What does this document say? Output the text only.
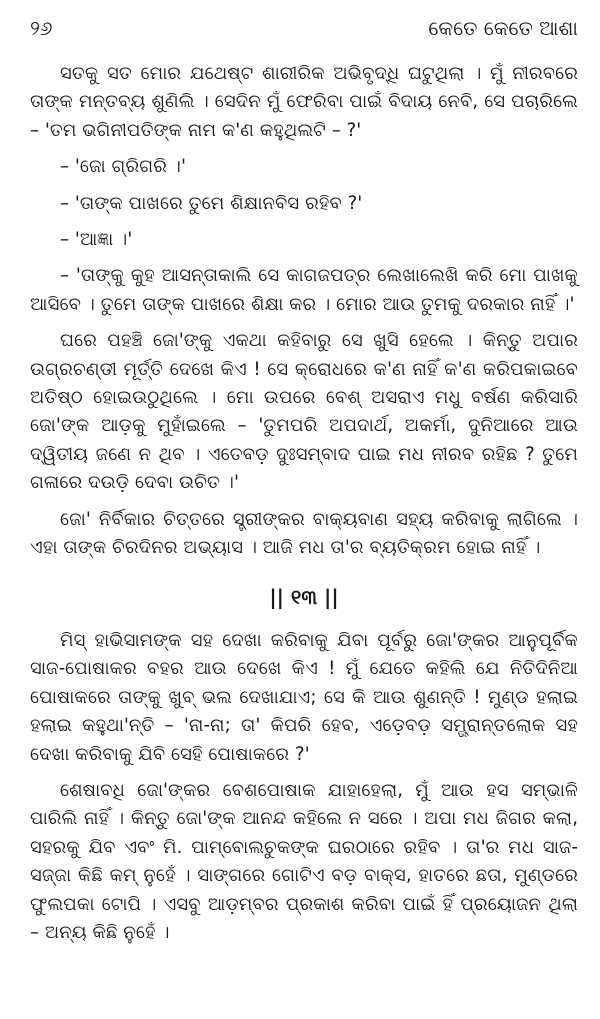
୨୬	କେତେ କେତେ ଆଶା

ସତକୁ ସତ ମୋର ଯଥେଷ୍ଟ ଶାରୀରିକ ଅଭିବୃଦ୍ଧି ଘଟୁଥିଲା । ମୁଁ ନୀରବରେ ତାଙ୍କ ମନ୍ତବ୍ୟ ଶୁଣିଲି । ସେଦିନ ମୁଁ ଫେରିବା ପାଇଁ ବିଦାୟ ନେବି, ସେ ପଚାରିଲେ – 'ତମ ଭଗିନୀପତିଙ୍କ ନାମ କ'ଣ କହୁଥିଲଟି – ?'

– 'ଜୋ ଗ୍ରିଗରି ।'

– 'ତାଙ୍କ ପାଖରେ ତୁମେ ଶିକ୍ଷାନବିସ ରହିବ ?'

– 'ଆଜ୍ଞା ।'

– 'ତାଙ୍କୁ କୁହ ଆସନ୍ତାକାଲି ସେ କାଗଜପତ୍ର ଲେଖାଲେଖି କରି ମୋ ପାଖକୁ ଆସିବେ । ତୁମେ ତାଙ୍କ ପାଖରେ ଶିକ୍ଷା କର । ମୋର ଆଉ ତୁମକୁ ଦରକାର ନାହିଁ ।'

ଘରେ ପହଞ୍ଚି ଜୋ'ଙ୍କୁ ଏକଥା କହିବାରୁ ସେ ଖୁସି ହେଲେ । କିନ୍ତୁ ଅପାର ଉଗ୍ରଚଣ୍ଡୀ ମୂର୍ତ୍ତି ଦେଖେ କିଏ ! ସେ କ୍ରୋଧରେ କ'ଣ ନାହିଁ କ'ଣ କରିପକାଇବେ ଅତିଷ୍ଠ ହୋଇଉଠୁଥିଲେ । ମୋ ଉପରେ ବେଶ୍ ଅସରାଏ ମଧୁ ବର୍ଷଣ କରିସାରି ଜୋ'ଙ୍କ ଆଡ଼କୁ ମୁହାଁଇଲେ – 'ତୁମପରି ଅପଦାର୍ଥ, ଅକର୍ମା, ଦୁନିଆରେ ଆଉ ଦ୍ୱିତୀୟ ଜଣେ ନ ଥିବ । ଏତେବଡ଼ ଦୁଃସମ୍ବାଦ ପାଇ ମଧ ନୀରବ ରହିଛ ? ତୁମେ ଗଳାରେ ଦଉଡ଼ି ଦେବା ଉଚିତ ।'

ଜୋ' ନିର୍ବିକାର ଚିତ୍ତରେ ସ୍ତ୍ରୀଙ୍କର ବାକ୍ୟବାଣ ସହ୍ୟ କରିବାକୁ ଲାଗିଲେ । ଏହା ତାଙ୍କ ଚିରଦିନର ଅଭ୍ୟାସ । ଆଜି ମଧ ତା'ର ବ୍ୟତିକ୍ରମ ହୋଇ ନାହିଁ ।

|| ୧୩ ||

ମିସ୍ ହାଭିସାମଙ୍କ ସହ ଦେଖା କରିବାକୁ ଯିବା ପୂର୍ବରୁ ଜୋ'ଙ୍କର ଆନୁପୂର୍ବିକ ସାଜ-ପୋଷାକର ବହର ଆଉ ଦେଖେ କିଏ ! ମୁଁ ଯେତେ କହିଲି ଯେ ନିତିଦିନିଆ ପୋଷାକରେ ତାଙ୍କୁ ଖୁବ୍ ଭଲ ଦେଖାଯାଏ; ସେ କି ଆଉ ଶୁଣନ୍ତି ! ମୁଣ୍ଡ ହଲାଇ ହଲାଇ କହୁଥା'ନ୍ତି – 'ନା-ନା; ତା' କିପରି ହେବ, ଏଡ଼େବଡ଼ ସମ୍ଭ୍ରାନ୍ତଲୋକ ସହ ଦେଖା କରିବାକୁ ଯିବି ସେହି ପୋଷାକରେ ?'

ଶେଷାବଧି ଜୋ'ଙ୍କର ବେଶପୋଷାକ ଯାହାହେଲା, ମୁଁ ଆଉ ହସ ସମ୍ଭାଳି ପାରିଲି ନାହିଁ । କିନ୍ତୁ ଜୋ'ଙ୍କ ଆନନ୍ଦ କହିଲେ ନ ସରେ । ଅପା ମଧ ଜିଗର କଲା, ସହରକୁ ଯିବ ଏବଂ ମି. ପାମ୍ବୋଲଚୁକଙ୍କ ଘରଠାରେ ରହିବ । ତା'ର ମଧ ସାଜ-ସଜ୍ଜା କିଛି କମ୍ ନୁହେଁ । ସାଙ୍ଗରେ ଗୋଟିଏ ବଡ଼ ବାକ୍ସ, ହାତରେ ଛତା, ମୁଣ୍ଡରେ ଫୁଲପକା ଟୋପି । ଏସବୁ ଆଡ଼ମ୍ବର ପ୍ରକାଶ କରିବା ପାଇଁ ହିଁ ପ୍ରୟୋଜନ ଥିଲା – ଅନ୍ୟ କିଛି ନୁହେଁ ।
